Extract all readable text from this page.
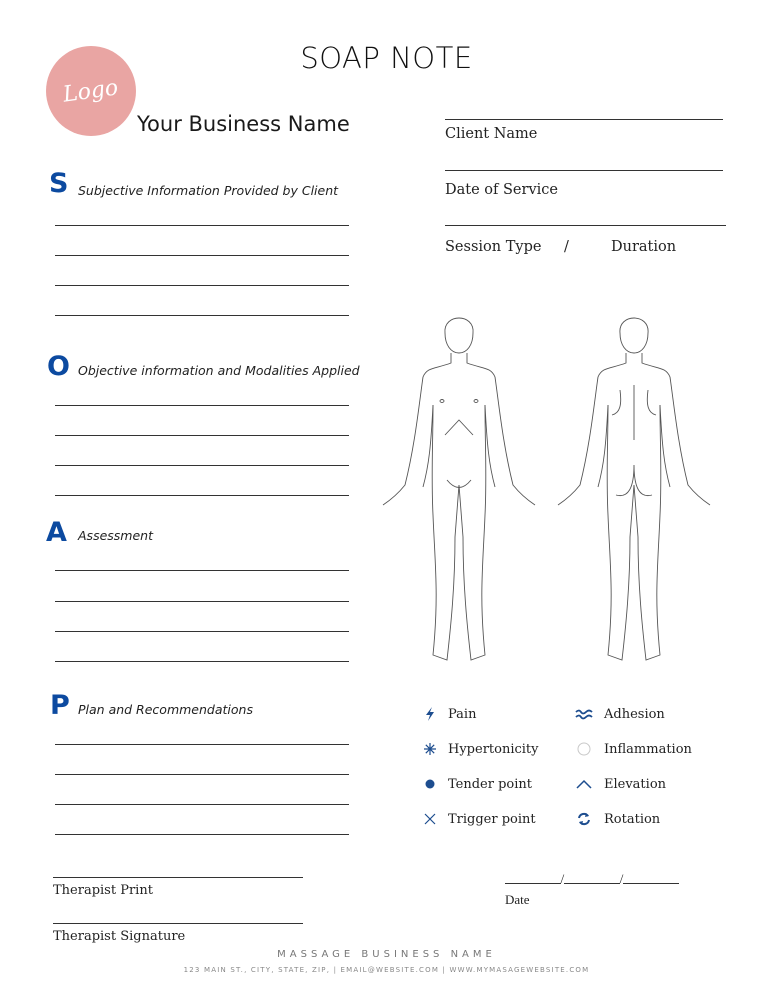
Logo
SOAP NOTE
Your Business Name	Client Name
Date of Service
Session Type /	Duration
S Subjective Information Provided by Client
O Objective information and Modalities Applied
A Assessment
P Plan and Recommendations	Pain	Adhesion
Hypertonicity	Inflammation
Tender point	Elevation
Trigger point	Rotation
Therapist Print
Therapist Signature
/	/
Date
MASSAGE BUSINESS NAME
123 MAIN ST., CITY, STATE, ZIP, | EMAIL@WEBSITE.COM | WWW.MYMASAGEWEBSITE.COM
